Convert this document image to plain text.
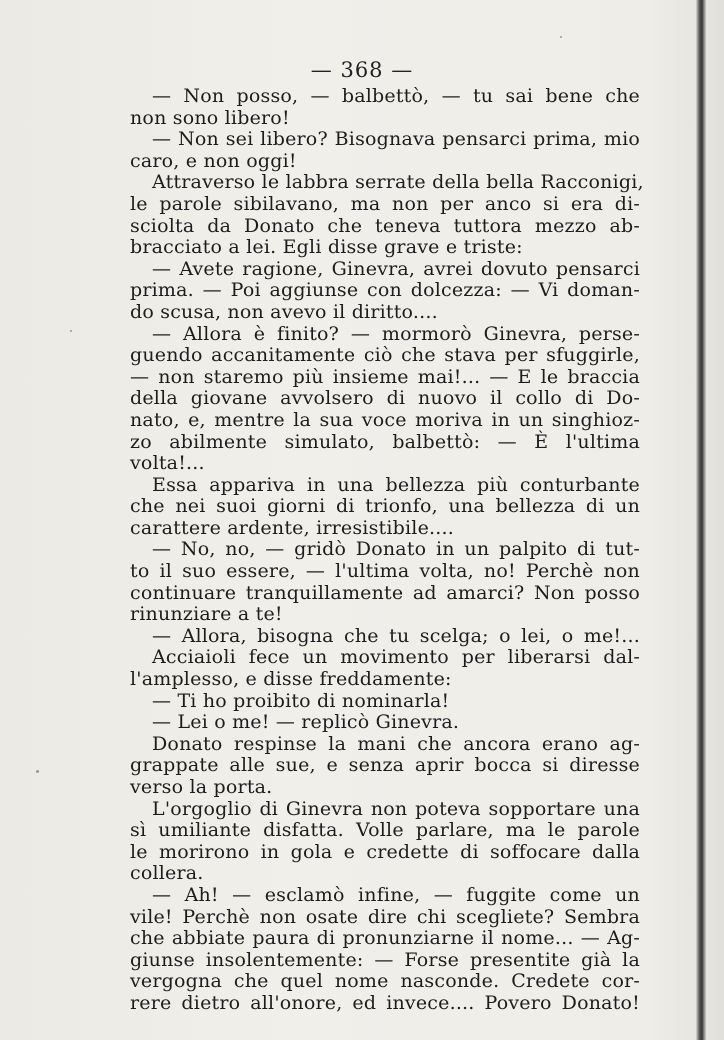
— 368 —
— Non posso, — balbettò, — tu sai bene che
non sono libero!
— Non sei libero? Bisognava pensarci prima, mio
caro, e non oggi!
Attraverso le labbra serrate della bella Racconigi,
le parole sibilavano, ma non per anco si era di-
sciolta da Donato che teneva tuttora mezzo ab-
bracciato a lei. Egli disse grave e triste:
— Avete ragione, Ginevra, avrei dovuto pensarci
prima. — Poi aggiunse con dolcezza: — Vi doman-
do scusa, non avevo il diritto....
— Allora è finito? — mormorò Ginevra, perse-
guendo accanitamente ciò che stava per sfuggirle,
— non staremo più insieme mai!... — E le braccia
della giovane avvolsero di nuovo il collo di Do-
nato, e, mentre la sua voce moriva in un singhioz-
zo abilmente simulato, balbettò: — È l'ultima
volta!...
Essa appariva in una bellezza più conturbante
che nei suoi giorni di trionfo, una bellezza di un
carattere ardente, irresistibile....
— No, no, — gridò Donato in un palpito di tut-
to il suo essere, — l'ultima volta, no! Perchè non
continuare tranquillamente ad amarci? Non posso
rinunziare a te!
— Allora, bisogna che tu scelga; o lei, o me!...
Acciaioli fece un movimento per liberarsi dal-
l'amplesso, e disse freddamente:
— Ti ho proibito di nominarla!
— Lei o me! — replicò Ginevra.
Donato respinse la mani che ancora erano ag-
grappate alle sue, e senza aprir bocca si diresse
verso la porta.
L'orgoglio di Ginevra non poteva sopportare una
sì umiliante disfatta. Volle parlare, ma le parole
le morirono in gola e credette di soffocare dalla
collera.
— Ah! — esclamò infine, — fuggite come un
vile! Perchè non osate dire chi scegliete? Sembra
che abbiate paura di pronunziarne il nome... — Ag-
giunse insolentemente: — Forse presentite già la
vergogna che quel nome nasconde. Credete cor-
rere dietro all'onore, ed invece.... Povero Donato!
